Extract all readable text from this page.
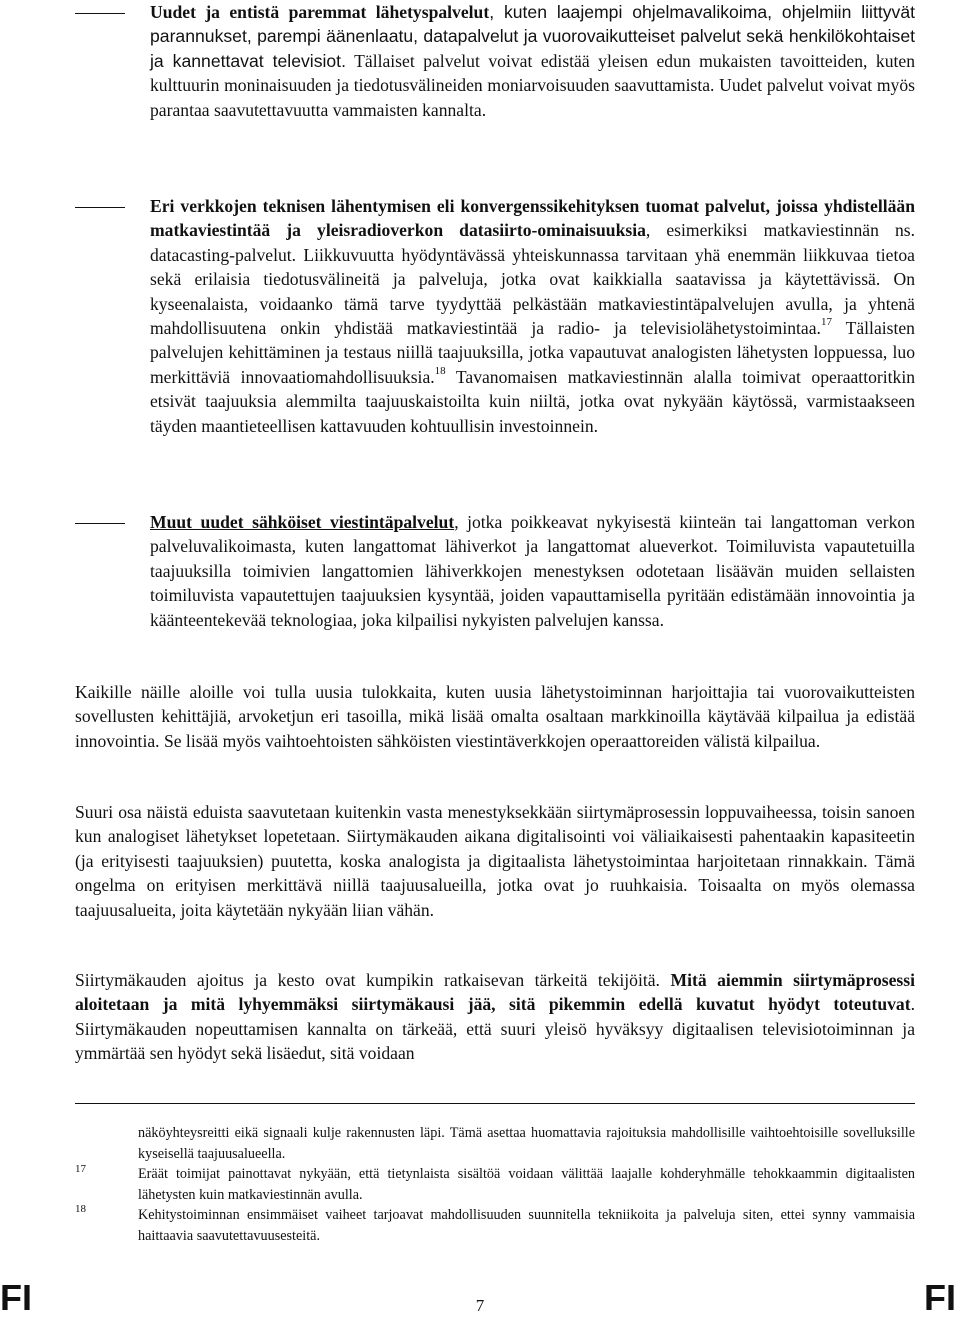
Uudet ja entistä paremmat lähetyspalvelut, kuten laajempi ohjelmavalikoima, ohjelmiin liittyvät parannukset, parempi äänenlaatu, datapalvelut ja vuorovaikutteiset palvelut sekä henkilökohtaiset ja kannettavat televisiot. Tällaiset palvelut voivat edistää yleisen edun mukaisten tavoitteiden, kuten kulttuurin moninaisuuden ja tiedotusvälineiden moniarvoisuuden saavuttamista. Uudet palvelut voivat myös parantaa saavutettavuutta vammaisten kannalta.
Eri verkkojen teknisen lähentymisen eli konvergenssikehityksen tuomat palvelut, joissa yhdistellään matkaviestintää ja yleisradioverkon datasiirto-ominaisuuksia, esimerkiksi matkaviestinnän ns. datacasting-palvelut. Liikkuvuutta hyödyntävässä yhteiskunnassa tarvitaan yhä enemmän liikkuvaa tietoa sekä erilaisia tiedotusvälineitä ja palveluja, jotka ovat kaikkialla saatavissa ja käytettävissä. On kyseenalaista, voidaanko tämä tarve tyydyttää pelkästään matkaviestintäpalvelujen avulla, ja yhtenä mahdollisuutena onkin yhdistää matkaviestintää ja radio- ja televisiolähetystoimintaa.$^{17}$ Tällaisten palvelujen kehittäminen ja testaus niillä taajuuksilla, jotka vapautuvat analogisten lähetysten loppuessa, luo merkittäviä innovaatiomahdollisuuksia.$^{18}$ Tavanomaisen matkaviestinnän alalla toimivat operaattoritkin etsivät taajuuksia alemmilta taajuuskaistoilta kuin niiltä, jotka ovat nykyään käytössä, varmistaakseen täyden maantieteellisen kattavuuden kohtuullisin investoinnein.
Muut uudet sähköiset viestintäpalvelut, jotka poikkeavat nykyisestä kiinteän tai langattoman verkon palveluvalikoimasta, kuten langattomat lähiverkot ja langattomat alueverkot. Toimiluvista vapautetuilla taajuuksilla toimivien langattomien lähiverkkojen menestyksen odotetaan lisäävän muiden sellaisten toimiluvista vapautettujen taajuuksien kysyntää, joiden vapauttamisella pyritään edistämään innovointia ja käänteentekevää teknologiaa, joka kilpailisi nykyisten palvelujen kanssa.
Kaikille näille aloille voi tulla uusia tulokkaita, kuten uusia lähetystoiminnan harjoittajia tai vuorovaikutteisten sovellusten kehittäjiä, arvoketjun eri tasoilla, mikä lisää omalta osaltaan markkinoilla käytävää kilpailua ja edistää innovointia. Se lisää myös vaihtoehtoisten sähköisten viestintäverkkojen operaattoreiden välistä kilpailua.
Suuri osa näistä eduista saavutetaan kuitenkin vasta menestyksekkään siirtymäprosessin loppuvaiheessa, toisin sanoen kun analogiset lähetykset lopetetaan. Siirtymäkauden aikana digitalisointi voi väliaikaisesti pahentaakin kapasiteetin (ja erityisesti taajuuksien) puutetta, koska analogista ja digitaalista lähetystoimintaa harjoitetaan rinnakkain. Tämä ongelma on erityisen merkittävä niillä taajuusalueilla, jotka ovat jo ruuhkaisia. Toisaalta on myös olemassa taajuusalueita, joita käytetään nykyään liian vähän.
Siirtymäkauden ajoitus ja kesto ovat kumpikin ratkaisevan tärkeitä tekijöitä. Mitä aiemmin siirtymäprosessi aloitetaan ja mitä lyhyemmäksi siirtymäkausi jää, sitä pikemmin edellä kuvatut hyödyt toteutuvat. Siirtymäkauden nopeuttamisen kannalta on tärkeää, että suuri yleisö hyväksyy digitaalisen televisiotoiminnan ja ymmärtää sen hyödyt sekä lisäedut, sitä voidaan
17
18
näköyhteysreitti eikä signaali kulje rakennusten läpi. Tämä asettaa huomattavia rajoituksia mahdollisille vaihtoehtoisille sovelluksille kyseisellä taajuusalueella.
Eräät toimijat painottavat nykyään, että tietynlaista sisältöä voidaan välittää laajalle kohderyhmälle tehokkaammin digitaalisten lähetysten kuin matkaviestinnän avulla.
Kehitystoiminnan ensimmäiset vaiheet tarjoavat mahdollisuuden suunnitella tekniikoita ja palveluja siten, ettei synny vammaisia haittaavia saavutettavuusesteitä.
FI	7	FI
